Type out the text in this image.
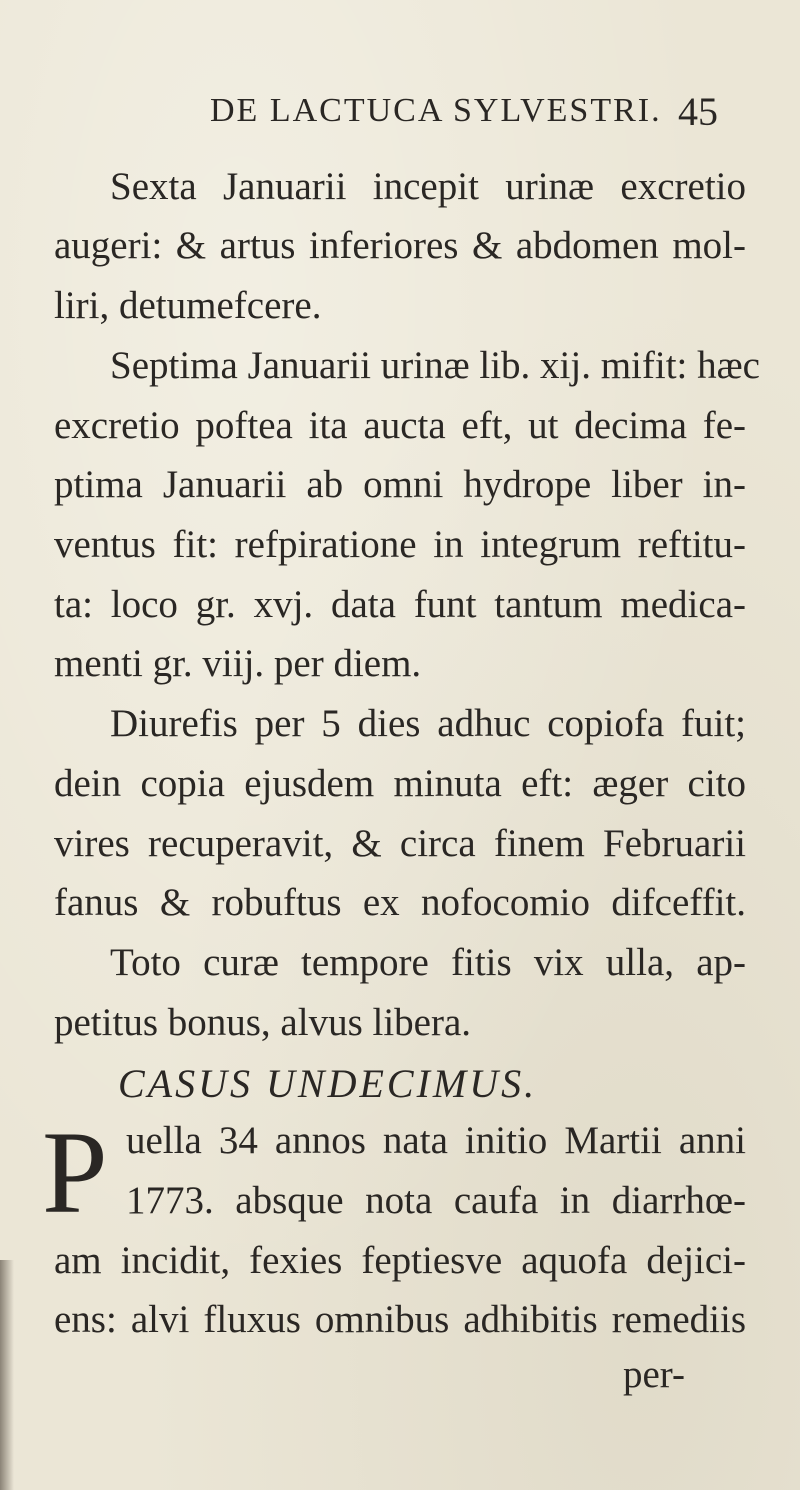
DE LACTUCA SYLVESTRI. 45
Sexta Januarii incepit urinæ excretio
augeri: & artus inferiores & abdomen mol-
liri, detumefcere.
Septima Januarii urinæ lib. xij. mifit: hæc
excretio poftea ita aucta eft, ut decima fe-
ptima Januarii ab omni hydrope liber in-
ventus fit: refpiratione in integrum reftitu-
ta: loco gr. xvj. data funt tantum medica-
menti gr. viij. per diem.
Diurefis per 5 dies adhuc copiofa fuit;
dein copia ejusdem minuta eft: æger cito
vires recuperavit, & circa finem Februarii
fanus & robuftus ex nofocomio difceffit.
Toto curæ tempore fitis vix ulla, ap-
petitus bonus, alvus libera.
CASUS UNDECIMUS.
P uella 34 annos nata initio Martii anni
1773. absque nota caufa in diarrhœ-
am incidit, fexies feptiesve aquofa dejici-
ens: alvi fluxus omnibus adhibitis remediis
per-
